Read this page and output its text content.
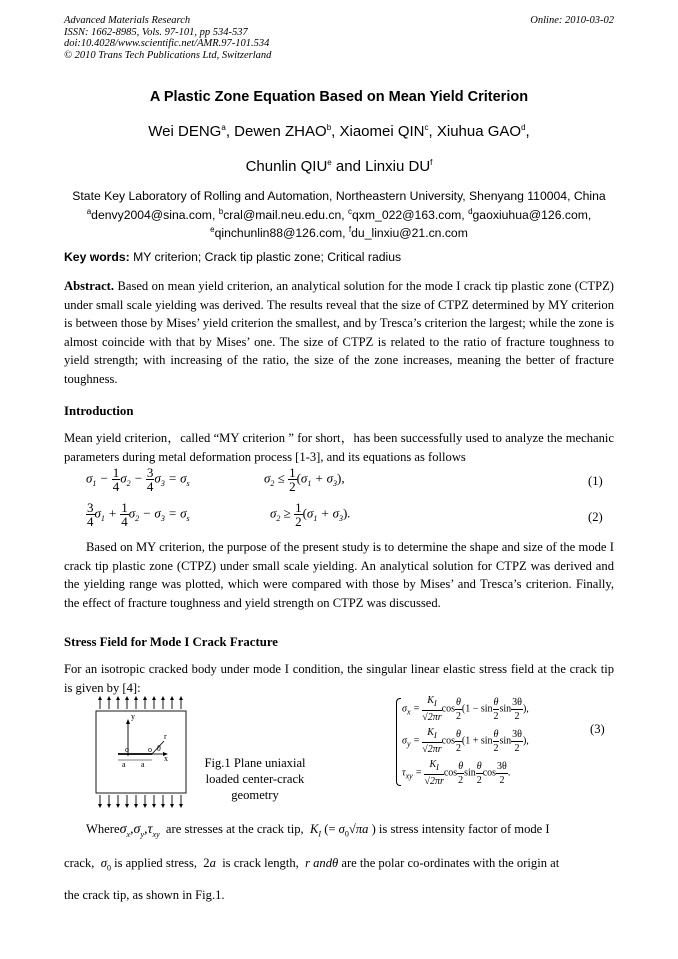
Advanced Materials Research
ISSN: 1662-8985, Vols. 97-101, pp 534-537
doi:10.4028/www.scientific.net/AMR.97-101.534
© 2010 Trans Tech Publications Ltd, Switzerland
Online: 2010-03-02
A Plastic Zone Equation Based on Mean Yield Criterion
Wei DENG$^a$, Dewen ZHAO$^b$, Xiaomei QIN$^c$, Xiuhua GAO$^d$,
Chunlin QIU$^e$ and Linxiu $DU^f$
State Key Laboratory of Rolling and Automation, Northeastern University, Shenyang 110004, China
$^a$denvy2004@sina.com, $^b$cral@mail.neu.edu.cn, $^c$qxm_022@163.com, $^d$gaoxiuhua@126.com,
$^e$qinchunlin88@126.com, $^f$du_linxiu@21.cn.com
Key words: MY criterion; Crack tip plastic zone; Critical radius
Abstract. Based on mean yield criterion, an analytical solution for the mode I crack tip plastic zone (CTPZ) under small scale yielding was derived. The results reveal that the size of CTPZ determined by MY criterion is between those by Mises’ yield criterion the smallest, and by Tresca’s criterion the largest; while the zone is almost coincide with that by Mises’ one. The size of CTPZ is related to the ratio of fracture toughness to yield strength; with increasing of the ratio, the size of the zone increases, meaning the better of fracture toughness.
Introduction
Mean yield criterion，called “MY criterion ” for short，has been successfully used to analyze the mechanic parameters during metal deformation process [1-3], and its equations as follows
$\sigma_1 - \frac{1}{4} \sigma_2 - \frac{3}{4} \sigma_3 = \sigma_s$	$\sigma_2 \le \frac{1}{2} (\sigma_1 + \sigma_3)$,	(1)
$\frac{3}{4} \sigma_1 + \frac{1}{4} \sigma_2 - \sigma_3 = \sigma_s$	$\sigma_2 \ge \frac{1}{2} (\sigma_1 + \sigma_3)$.	(2)
Based on MY criterion, the purpose of the present study is to determine the shape and size of the mode I crack tip plastic zone (CTPZ) under small scale yielding. An analytical solution for CTPZ was derived and the yielding range was plotted, which were compared with those by Mises’ and Tresca’s criterion. Finally, the effect of fracture toughness and yield strength on CTPZ was discussed.
Stress Field for Mode I Crack Fracture
For an isotropic cracked body under mode I condition, the singular linear elastic stress field at the crack tip is given by [4]:
y
r
o o θ
x
a a	Fig.1 Plane uniaxial loaded center-crack geometry
$\sigma_x = \frac{K_I}{√2\pi r}$ $\cos \frac{\theta}{2} (1 - \sin \frac{\theta}{2}$ $\sin \frac{3\theta}{2}$ ),
$\sigma_y = \frac{K_I}{√2\pi r}$ $\cos \frac{\theta}{2} (1 + \sin \frac{\theta}{2}$ $\sin \frac{3\theta}{2}$ ),
$\tau_{xy} = \frac{K_I}{√2\pi r}$ $\cos \frac{\theta}{2}$ $\sin \frac{\theta}{2}$ $\cos \frac{3\theta}{2}$ .
(3)
$Where\sigma_x,\sigma_y,\tau_{xy}$ are stresses at the crack tip, $K_I$ (= $\sigma_0√\pi a$ ) is stress intensity factor of mode I
crack, $\sigma_0$ is applied stress,  2a is crack length, r andθ are the polar co-ordinates with the origin at
the crack tip, as shown in Fig.1.
